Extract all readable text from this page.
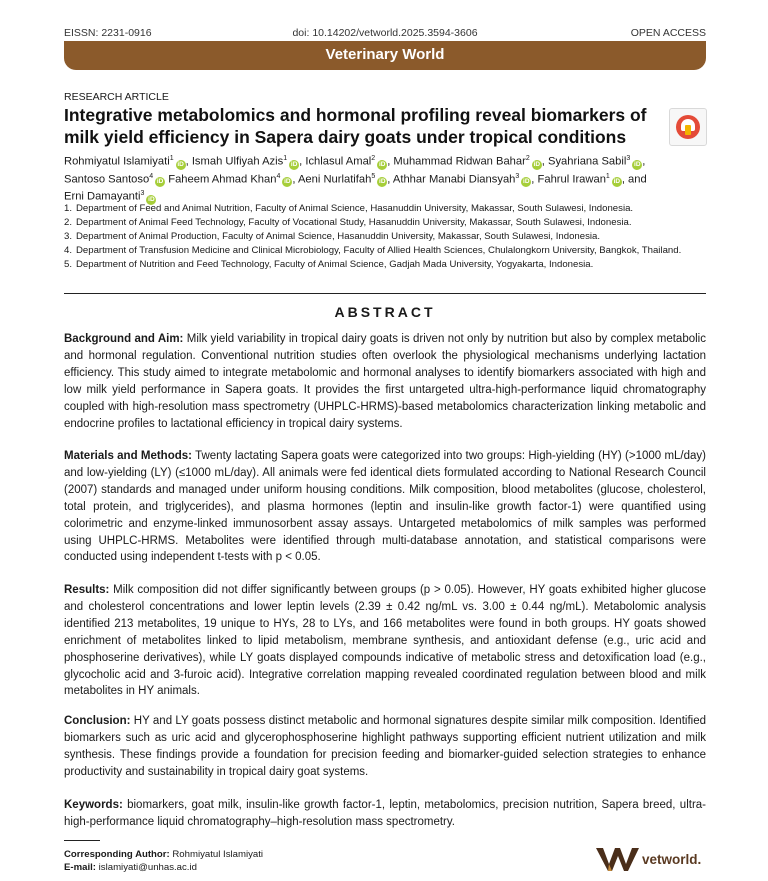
EISSN: 2231-0916	doi: 10.14202/vetworld.2025.3594-3606	OPEN ACCESS
Veterinary World
RESEARCH ARTICLE
Integrative metabolomics and hormonal profiling reveal biomarkers of milk yield efficiency in Sapera dairy goats under tropical conditions
Rohmiyatul Islamiyati$^1$iD , Ismah Ulfiyah Azis$^1$iD , Ichlasul Amal$^2$iD , Muhammad Ridwan Bahar$^2$iD , Syahriana Sabil$^3$iD ,
Santoso Santoso$^4$iD Faheem Ahmad Khan$^4$iD , Aeni Nurlatifah$^5$iD , Athhar Manabi Diansyah$^3$iD , Fahrul Irawan$^1$iD , and
Erni Damayanti$^3$iD
1. Department of Feed and Animal Nutrition, Faculty of Animal Science, Hasanuddin University, Makassar, South Sulawesi, Indonesia.
2. Department of Animal Feed Technology, Faculty of Vocational Study, Hasanuddin University, Makassar, South Sulawesi, Indonesia.
3. Department of Animal Production, Faculty of Animal Science, Hasanuddin University, Makassar, South Sulawesi, Indonesia.
4. Department of Transfusion Medicine and Clinical Microbiology, Faculty of Allied Health Sciences, Chulalongkorn University, Bangkok, Thailand.
5. Department of Nutrition and Feed Technology, Faculty of Animal Science, Gadjah Mada University, Yogyakarta, Indonesia.
ABSTRACT

Background and Aim: Milk yield variability in tropical dairy goats is driven not only by nutrition but also by complex metabolic and hormonal regulation. Conventional nutrition studies often overlook the physiological mechanisms underlying lactation efficiency. This study aimed to integrate metabolomic and hormonal analyses to identify biomarkers associated with high and low milk yield performance in Sapera goats. It provides the first untargeted ultra-high-performance liquid chromatography coupled with high-resolution mass spectrometry (UHPLC-HRMS)-based metabolomics characterization linking metabolic and endocrine profiles to lactational efficiency in tropical dairy systems.

Materials and Methods: Twenty lactating Sapera goats were categorized into two groups: High-yielding (HY) (>1000 mL/day) and low-yielding (LY) (≤1000 mL/day). All animals were fed identical diets formulated according to National Research Council (2007) standards and managed under uniform housing conditions. Milk composition, blood metabolites (glucose, cholesterol, total protein, and triglycerides), and plasma hormones (leptin and insulin-like growth factor-1) were quantified using colorimetric and enzyme-linked immunosorbent assay assays. Untargeted metabolomics of milk samples was performed using UHPLC-HRMS. Metabolites were identified through multi-database annotation, and statistical comparisons were conducted using independent t-tests with p < 0.05.

Results: Milk composition did not differ significantly between groups (p > 0.05). However, HY goats exhibited higher glucose and cholesterol concentrations and lower leptin levels (2.39 ± 0.42 ng/mL vs. 3.00 ± 0.44 ng/mL). Metabolomic analysis identified 213 metabolites, 19 unique to HYs, 28 to LYs, and 166 metabolites were found in both groups. HY goats showed enrichment of metabolites linked to lipid metabolism, membrane synthesis, and antioxidant defense (e.g., uric acid and phosphoserine derivatives), while LY goats displayed compounds indicative of metabolic stress and detoxification load (e.g., glycocholic acid and 3-furoic acid). Integrative correlation mapping revealed coordinated regulation between blood and milk metabolites in HY animals.

Conclusion: HY and LY goats possess distinct metabolic and hormonal signatures despite similar milk composition. Identified biomarkers such as uric acid and glycerophosphoserine highlight pathways supporting efficient nutrient utilization and milk synthesis. These findings provide a foundation for precision feeding and biomarker-guided selection strategies to enhance productivity and sustainability in tropical dairy goat systems.

Keywords: biomarkers, goat milk, insulin-like growth factor-1, leptin, metabolomics, precision nutrition, Sapera breed, ultra-high-performance liquid chromatography–high-resolution mass spectrometry.

Corresponding Author: Rohmiyatul Islamiyati
E-mail: islamiyati@unhas.ac.id
vetworld.
